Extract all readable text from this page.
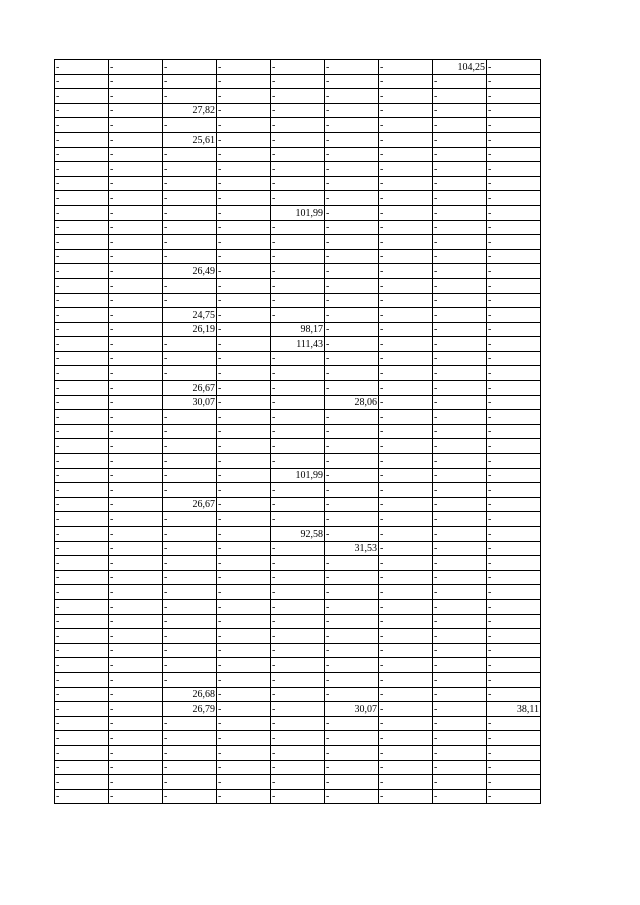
-	-	-	-	-	-	-	104,25	-
-	-	-	-	-	-	-	-	-
-	-	-	-	-	-	-	-	-
-	-	27,82	-	-	-	-	-	-
-	-	-	-	-	-	-	-	-
-	-	25,61	-	-	-	-	-	-
-	-	-	-	-	-	-	-	-
-	-	-	-	-	-	-	-	-
-	-	-	-	-	-	-	-	-
-	-	-	-	-	-	-	-	-
-	-	-	-	101,99	-	-	-	-
-	-	-	-	-	-	-	-	-
-	-	-	-	-	-	-	-	-
-	-	-	-	-	-	-	-	-
-	-	26,49	-	-	-	-	-	-
-	-	-	-	-	-	-	-	-
-	-	-	-	-	-	-	-	-
-	-	24,75	-	-	-	-	-	-
-	-	26,19	-	98,17	-	-	-	-
-	-	-	-	111,43	-	-	-	-
-	-	-	-	-	-	-	-	-
-	-	-	-	-	-	-	-	-
-	-	26,67	-	-	-	-	-	-
-	-	30,07	-	-	28,06	-	-	-
-	-	-	-	-	-	-	-	-
-	-	-	-	-	-	-	-	-
-	-	-	-	-	-	-	-	-
-	-	-	-	-	-	-	-	-
-	-	-	-	101,99	-	-	-	-
-	-	-	-	-	-	-	-	-
-	-	26,67	-	-	-	-	-	-
-	-	-	-	-	-	-	-	-
-	-	-	-	92,58	-	-	-	-
-	-	-	-	-	31,53	-	-	-
-	-	-	-	-	-	-	-	-
-	-	-	-	-	-	-	-	-
-	-	-	-	-	-	-	-	-
-	-	-	-	-	-	-	-	-
-	-	-	-	-	-	-	-	-
-	-	-	-	-	-	-	-	-
-	-	-	-	-	-	-	-	-
-	-	-	-	-	-	-	-	-
-	-	-	-	-	-	-	-	-
-	-	26,68	-	-	-	-	-	-
-	-	26,79	-	-	30,07	-	-	38,11
-	-	-	-	-	-	-	-	-
-	-	-	-	-	-	-	-	-
-	-	-	-	-	-	-	-	-
-	-	-	-	-	-	-	-	-
-	-	-	-	-	-	-	-	-
-	-	-	-	-	-	-	-	-
